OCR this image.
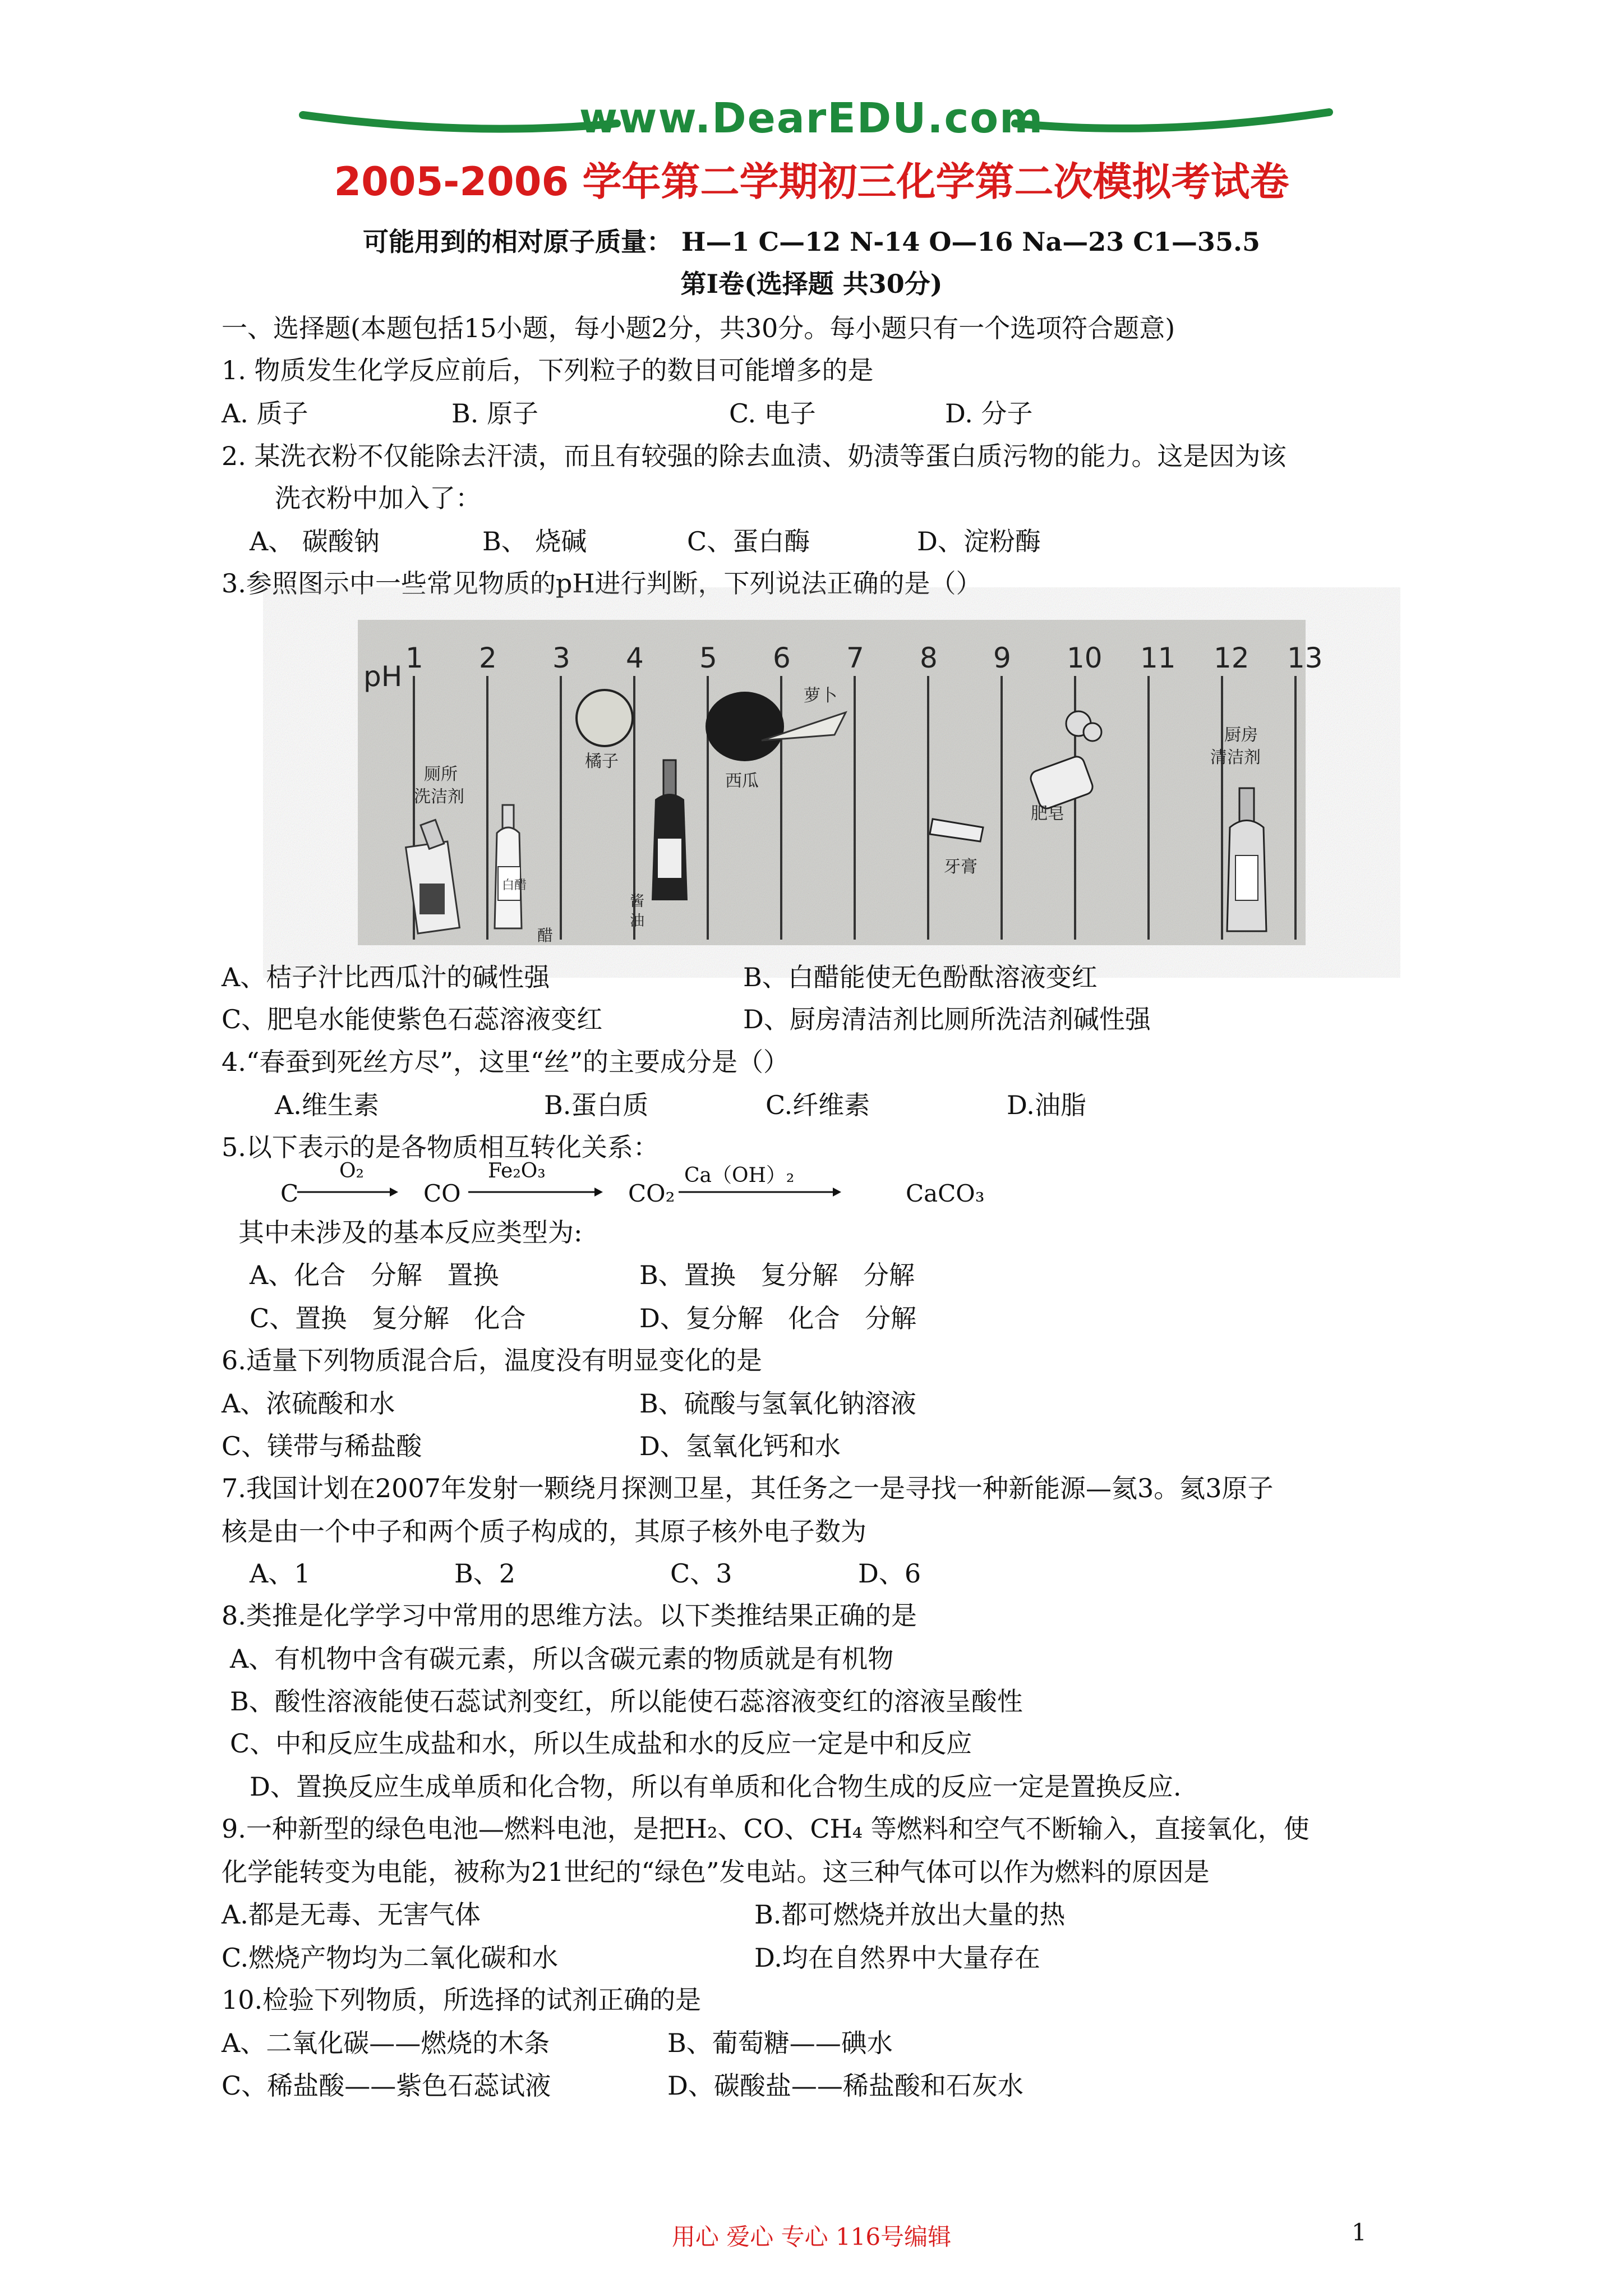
www.DearEDU.com
2005-2006 学年第二学期初三化学第二次模拟考试卷
可能用到的相对原子质量： H—1 C—12 N-14 O—16 Na—23 C1—35.5
第Ⅰ卷(选择题 共30分)
一、选择题(本题包括15小题，每小题2分，共30分。每小题只有一个选项符合题意)
1. 物质发生化学反应前后，下列粒子的数目可能增多的是
A. 质子	B. 原子	C. 电子	D. 分子
2. 某洗衣粉不仅能除去汗渍，而且有较强的除去血渍、奶渍等蛋白质污物的能力。这是因为该
洗衣粉中加入了：
A、 碳酸钠	B、 烧碱	C、蛋白酶	D、淀粉酶
3.参照图示中一些常见物质的pH进行判断，下列说法正确的是（）
pH
1 2 3 4 5 6 7 8 9 10 11 12 13
厕所
洗洁剂
白醋
醋
橘子
酱
油
西瓜
萝卜
牙膏
肥皂
厨房
清洁剂
A、桔子汁比西瓜汁的碱性强	B、白醋能使无色酚酞溶液变红
C、肥皂水能使紫色石蕊溶液变红	D、厨房清洁剂比厕所洗洁剂碱性强
4.“春蚕到死丝方尽”，这里“丝”的主要成分是（）
A.维生素	B.蛋白质	C.纤维素	D.油脂
5.以下表示的是各物质相互转化关系：
C
O₂
CO
Fe₂O₃
CO₂
Ca（OH）₂
CaCO₃
其中未涉及的基本反应类型为:
A、化合 分解 置换	B、置换 复分解 分解
C、置换 复分解 化合	D、复分解 化合 分解
6.适量下列物质混合后，温度没有明显变化的是
A、浓硫酸和水	B、硫酸与氢氧化钠溶液
C、镁带与稀盐酸	D、氢氧化钙和水
7.我国计划在2007年发射一颗绕月探测卫星，其任务之一是寻找一种新能源—氦3。氦3原子
核是由一个中子和两个质子构成的，其原子核外电子数为
A、1	B、2	C、3	D、6
8.类推是化学学习中常用的思维方法。以下类推结果正确的是
A、有机物中含有碳元素，所以含碳元素的物质就是有机物
B、酸性溶液能使石蕊试剂变红，所以能使石蕊溶液变红的溶液呈酸性
C、中和反应生成盐和水，所以生成盐和水的反应一定是中和反应
D、置换反应生成单质和化合物，所以有单质和化合物生成的反应一定是置换反应.
9.一种新型的绿色电池—燃料电池，是把H₂、CO、CH₄ 等燃料和空气不断输入，直接氧化，使
化学能转变为电能，被称为21世纪的“绿色”发电站。这三种气体可以作为燃料的原因是
A.都是无毒、无害气体	B.都可燃烧并放出大量的热
C.燃烧产物均为二氧化碳和水	D.均在自然界中大量存在
10.检验下列物质，所选择的试剂正确的是
A、二氧化碳——燃烧的木条	B、葡萄糖——碘水
C、稀盐酸——紫色石蕊试液	D、碳酸盐——稀盐酸和石灰水
用心 爱心 专心 116号编辑	1
